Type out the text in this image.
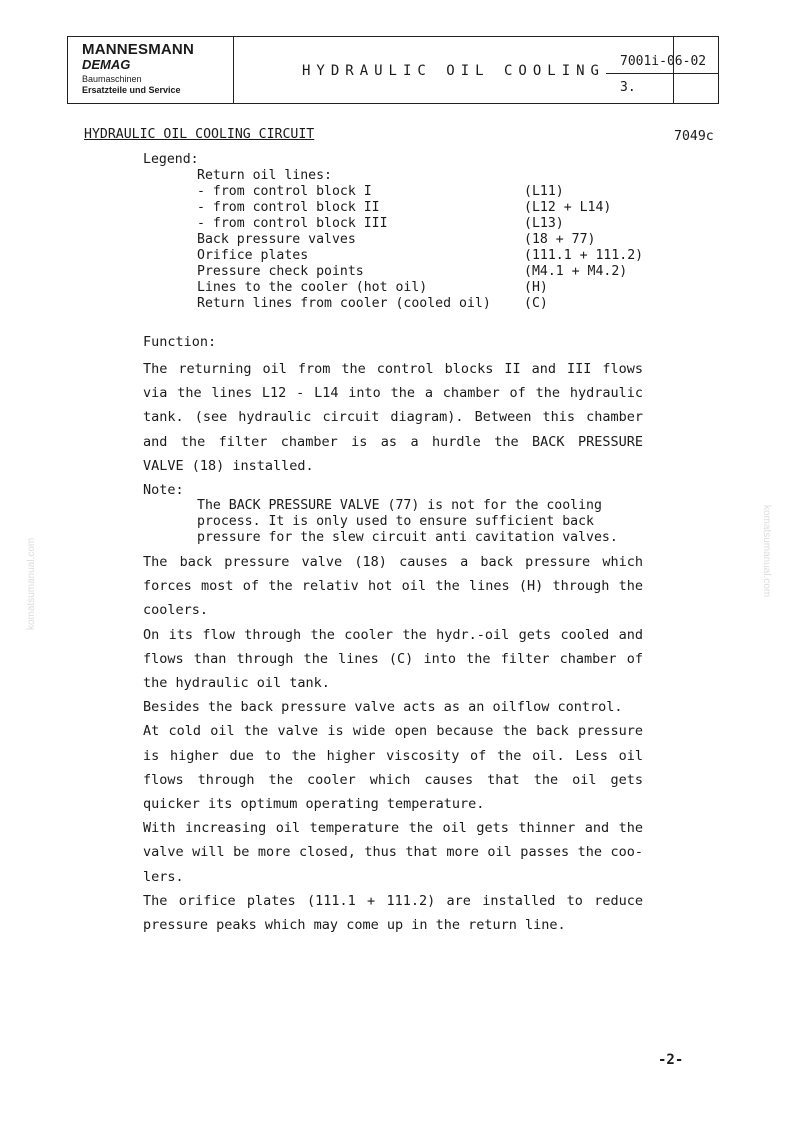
MANNESMANN
DEMAG
Baumaschinen
Ersatzteile und Service
HYDRAULIC OIL COOLING
7001i-06-02
3.
HYDRAULIC OIL COOLING CIRCUIT	7049c
Legend:
Return oil lines:
- from control block I	(L11)
- from control block II	(L12 + L14)
- from control block III	(L13)
Back pressure valves	(18 + 77)
Orifice plates	(111.1 + 111.2)
Pressure check points	(M4.1 + M4.2)
Lines to the cooler (hot oil)	(H)
Return lines from cooler (cooled oil)	(C)
Function:
The returning oil from the control blocks II and III flows
via the lines L12 - L14 into the a chamber of the hydraulic
tank. (see hydraulic circuit diagram). Between this chamber
and the filter chamber is as a hurdle the BACK PRESSURE
VALVE (18) installed.
Note:
The BACK PRESSURE VALVE (77) is not for the cooling
process. It is only used to ensure sufficient back
pressure for the slew circuit anti cavitation valves.
The back pressure valve (18) causes a back pressure which
forces most of the relativ hot oil the lines (H) through the
coolers.
On its flow through the cooler the hydr.-oil gets cooled and
flows than through the lines (C) into the filter chamber of
the hydraulic oil tank.
Besides the back pressure valve acts as an oilflow control.
At cold oil the valve is wide open because the back pressure
is higher due to the higher viscosity of the oil. Less oil
flows through the cooler which causes that the oil gets
quicker its optimum operating temperature.
With increasing oil temperature the oil gets thinner and the
valve will be more closed, thus that more oil passes the coo-
lers.
The orifice plates (111.1 + 111.2) are installed to reduce
pressure peaks which may come up in the return line.
-2-
komatsumanual.com	komatsumanual.com
